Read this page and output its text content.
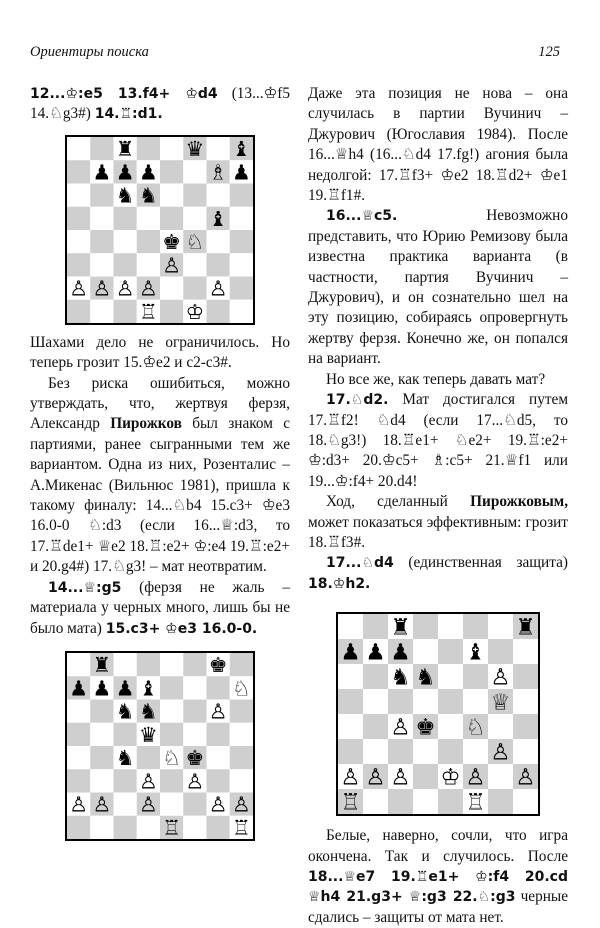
Ориентиры поиска	125

12...♔:e5 13.f4+ ♔d4 (13...♔f5 14.♘g3#) 14.♖:d1.

Шахами дело не ограничилось. Но теперь грозит 15.♔e2 и c2-c3#.

Без риска ошибиться, можно утверждать, что, жертвуя ферзя, Александр Пирожков был знаком с партиями, ранее сыгранными тем же вариантом. Одна из них, Розенталис – А.Микенас (Вильнюс 1981), пришла к такому финалу: 14...♘b4 15.c3+ ♔e3 16.0-0 ♘:d3 (если 16...♕:d3, то 17.♖de1+ ♕e2 18.♖:e2+ ♔:e4 19.♖:e2+ и 20.g4#) 17.♘g3! – мат неотвратим.

14...♕:g5 (ферзя не жаль – материала у черных много, лишь бы не было мата) 15.c3+ ♔e3 16.0-0.

Даже эта позиция не нова – она случилась в партии Вучинич – Джурович (Югославия 1984). После 16...♕h4 (16...♘d4 17.fg!) агония была недолгой: 17.♖f3+ ♔e2 18.♖d2+ ♔e1 19.♖f1#.

16...♕c5.	Невозможно представить, что Юрию Ремизову была известна практика варианта (в частности, партия Вучинич – Джурович), и он сознательно шел на эту позицию, собираясь опровергнуть жертву ферзя. Конечно же, он попался на вариант.

Но все же, как теперь давать мат?

17.♘d2. Мат достигался путем 17.♖f2! ♘d4 (если 17...♘d5, то 18.♘g3!) 18.♖e1+ ♘e2+ 19.♖:e2+ ♔:d3+ 20.♔c5+ ♗:c5+ 21.♕f1 или 19...♔:f4+ 20.d4!

Ход, сделанный Пирожковым, может показаться эффективным: грозит 18.♖f3#.

17...♘d4 (единственная защита) 18.♔h2.

Белые, наверно, сочли, что игра окончена. Так и случилось. После 18...♕e7 19.♖e1+ ♔:f4 20.cd ♕h4 21.g3+ ♕:g3 22.♘:g3 черные сдались – защиты от мата нет.
